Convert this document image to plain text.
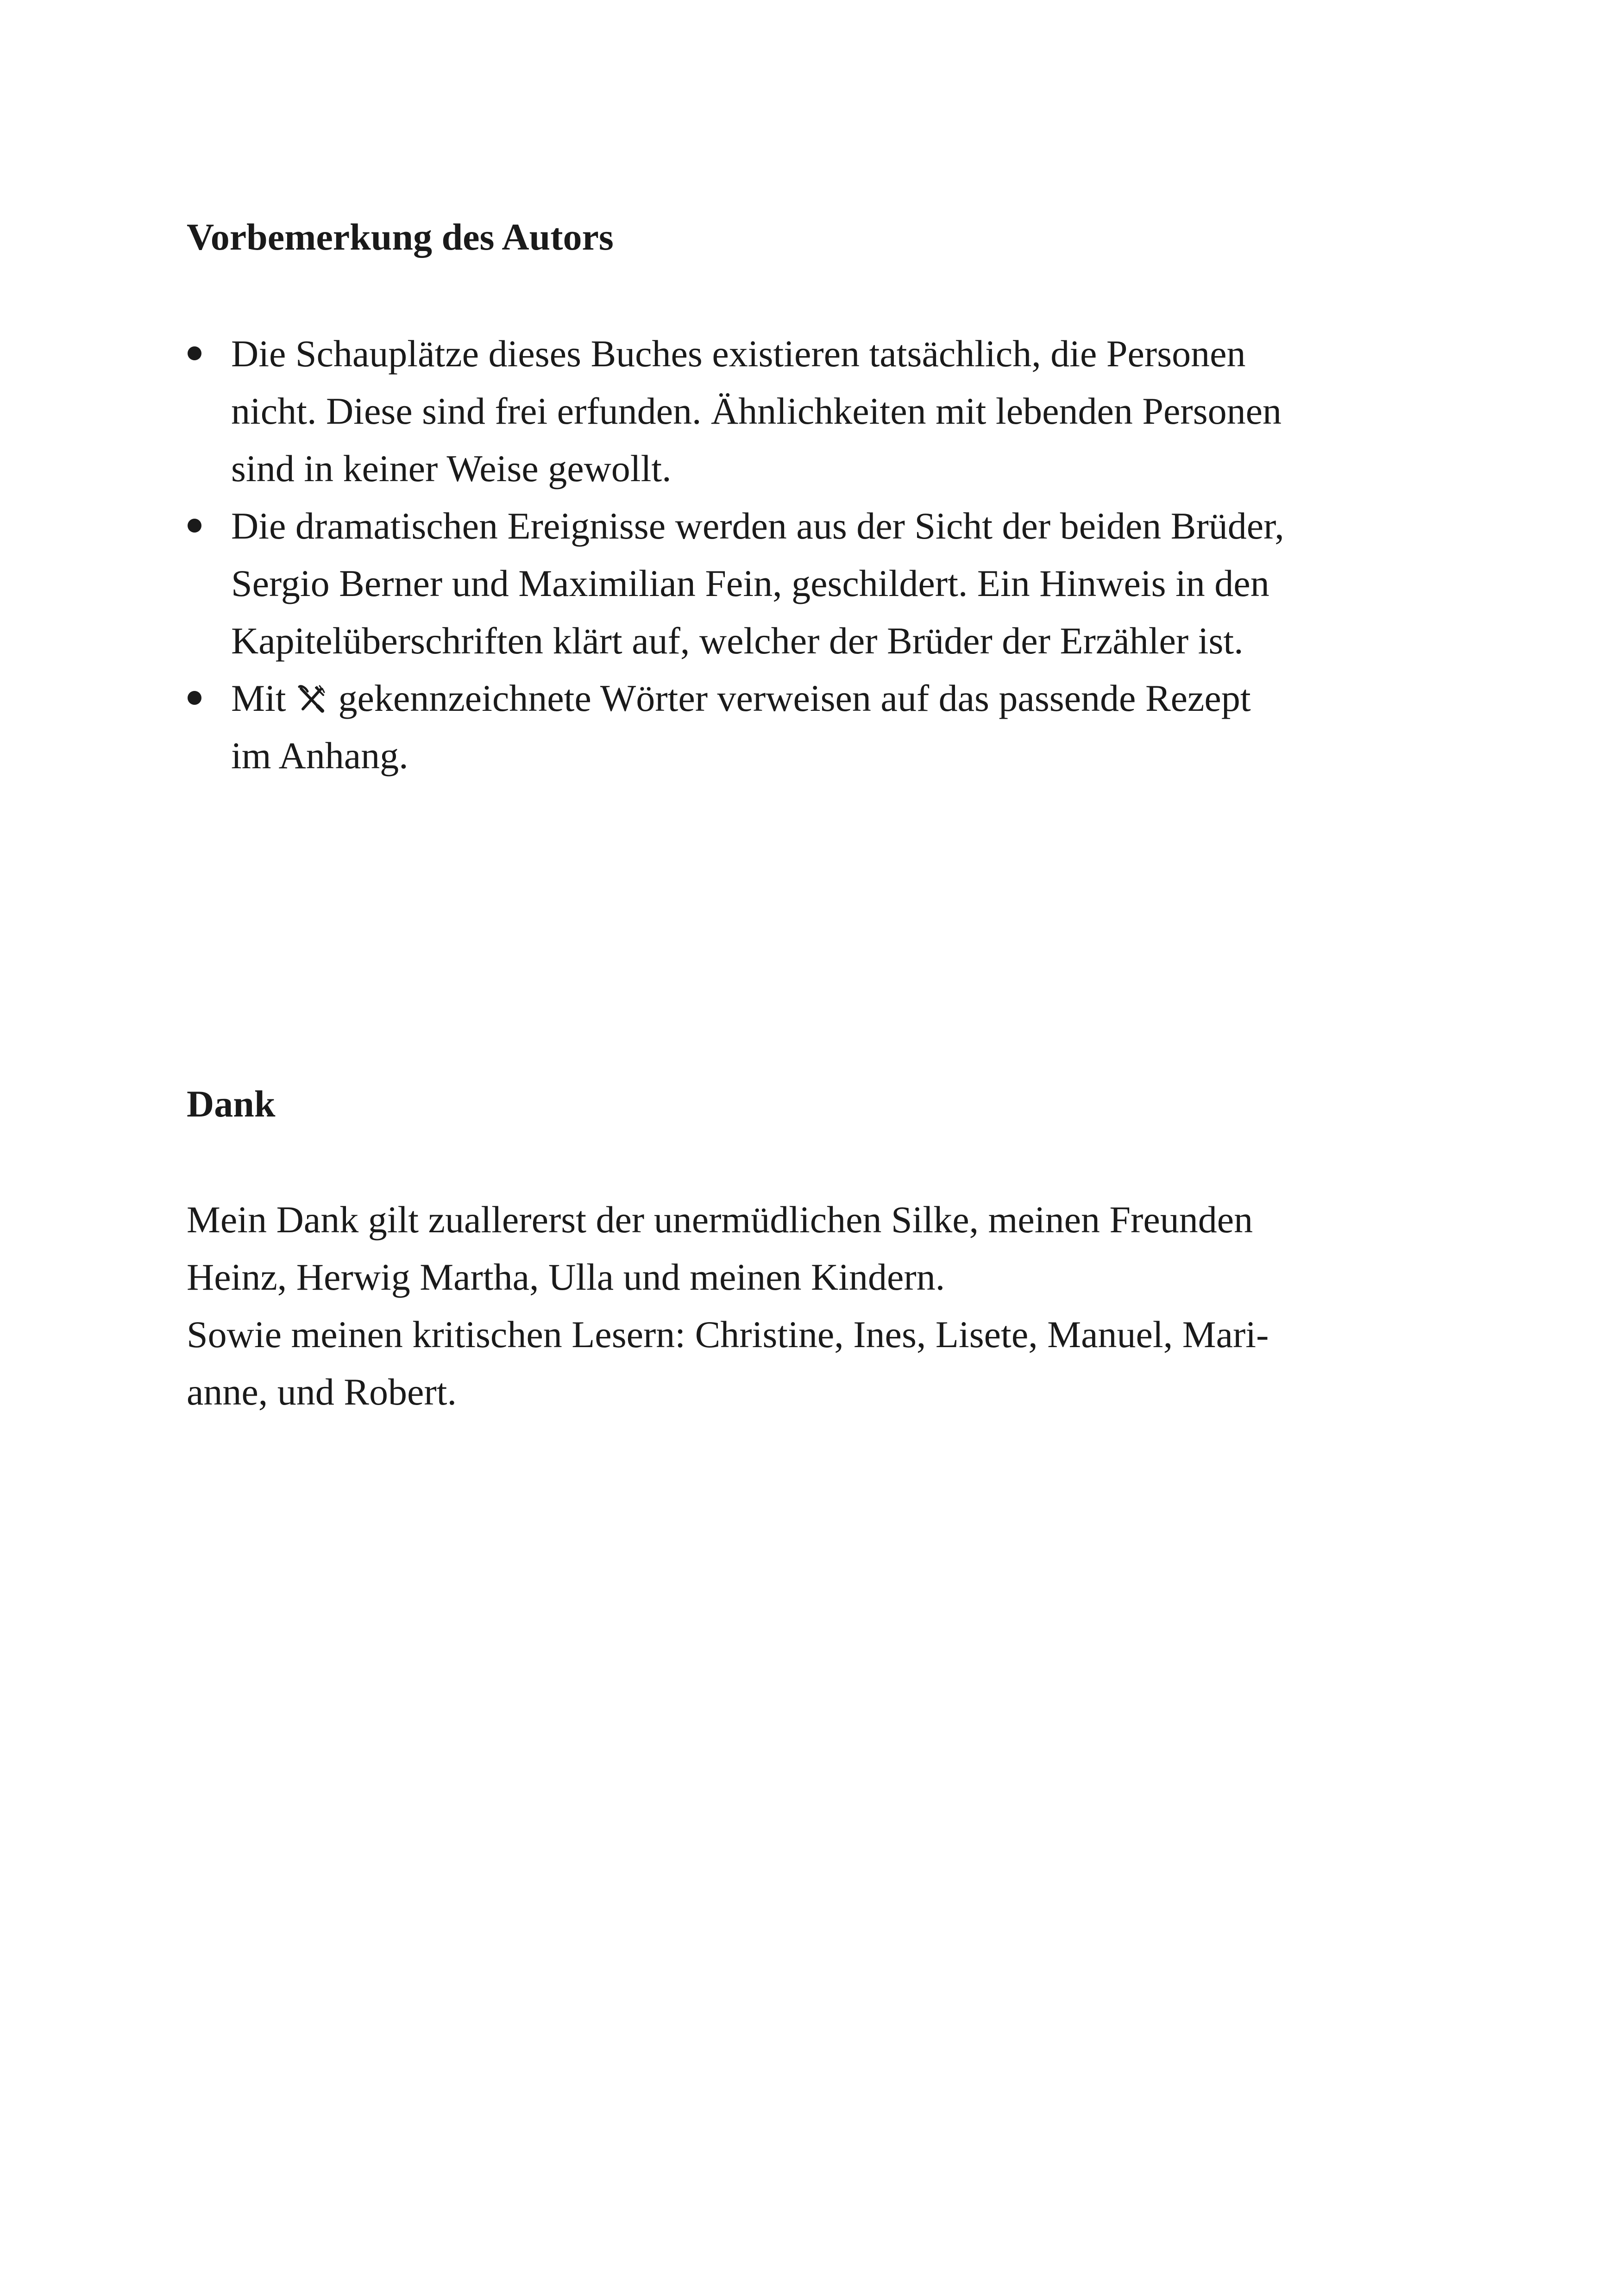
Vorbemerkung des Autors
Die Schauplätze dieses Buches existieren tatsächlich, die Personen
nicht. Diese sind frei erfunden. Ähnlichkeiten mit lebenden Personen
sind in keiner Weise gewollt.
Die dramatischen Ereignisse werden aus der Sicht der beiden Brüder,
Sergio Berner und Maximilian Fein, geschildert. Ein Hinweis in den
Kapitelüberschriften klärt auf, welcher der Brüder der Erzähler ist.
Mit gekennzeichnete Wörter verweisen auf das passende Rezept
im Anhang.
Dank

Mein Dank gilt zuallererst der unermüdlichen Silke, meinen Freunden
Heinz, Herwig Martha, Ulla und meinen Kindern.
Sowie meinen kritischen Lesern: Christine, Ines, Lisete, Manuel, Mari-
anne, und Robert.
